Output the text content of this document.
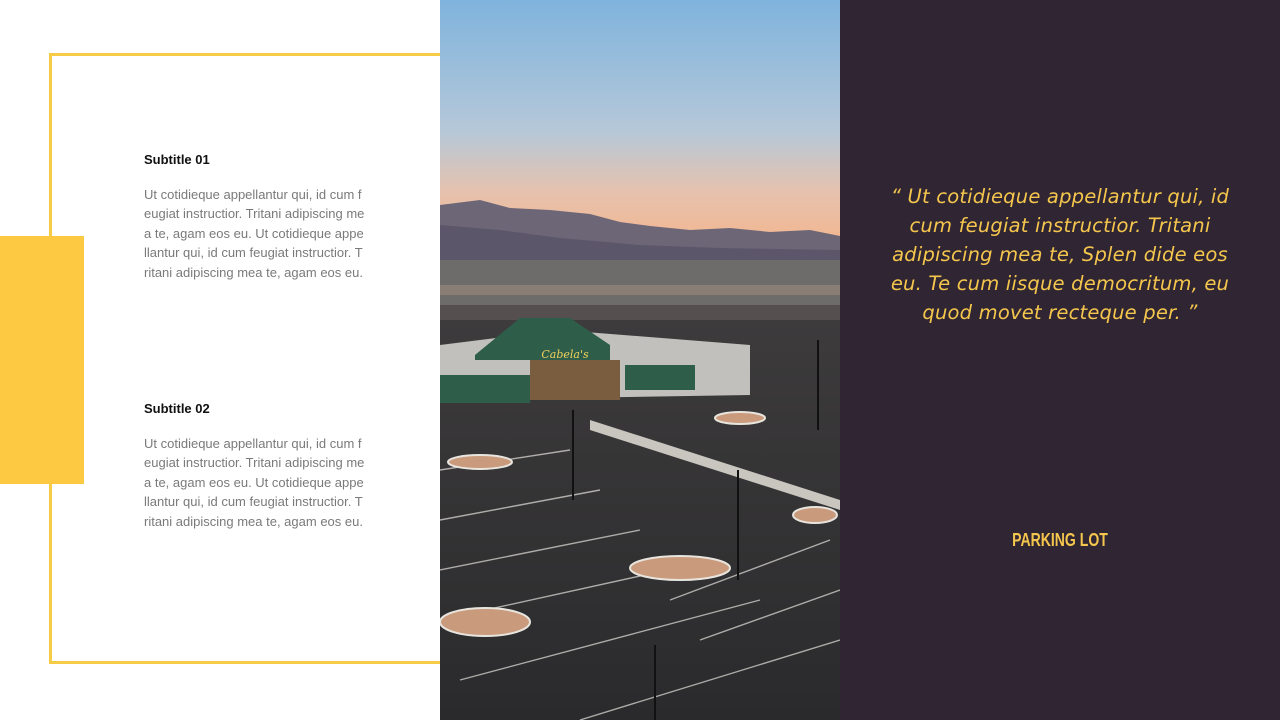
Subtitle 01
Ut cotidieque appellantur qui, id cum feugiat instructior. Tritani adipiscing mea te, agam eos eu. Ut cotidieque appellantur qui, id cum feugiat instructior. Tritani adipiscing mea te, agam eos eu.
Subtitle 02
Ut cotidieque appellantur qui, id cum feugiat instructior. Tritani adipiscing mea te, agam eos eu. Ut cotidieque appellantur qui, id cum feugiat instructior. Tritani adipiscing mea te, agam eos eu.
Cabela's
“ Ut cotidieque appellantur qui, id cum feugiat instructior. Tritani adipiscing mea te, Splen dide eos eu. Te cum iisque democritum, eu quod movet recteque per. ”
PARKING LOT
